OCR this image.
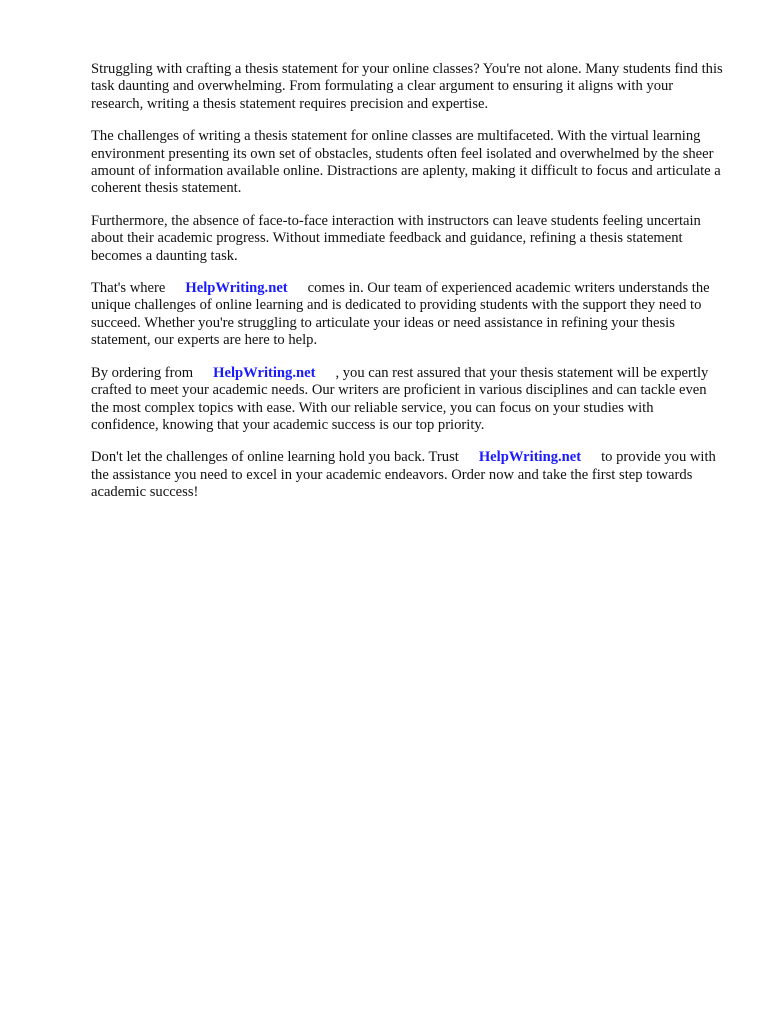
Struggling with crafting a thesis statement for your online classes? You're not alone. Many students find this task daunting and overwhelming. From formulating a clear argument to ensuring it aligns with your research, writing a thesis statement requires precision and expertise.

The challenges of writing a thesis statement for online classes are multifaceted. With the virtual learning environment presenting its own set of obstacles, students often feel isolated and overwhelmed by the sheer amount of information available online. Distractions are aplenty, making it difficult to focus and articulate a coherent thesis statement.

Furthermore, the absence of face-to-face interaction with instructors can leave students feeling uncertain about their academic progress. Without immediate feedback and guidance, refining a thesis statement becomes a daunting task.

That's where HelpWriting.net comes in. Our team of experienced academic writers understands the unique challenges of online learning and is dedicated to providing students with the support they need to succeed. Whether you're struggling to articulate your ideas or need assistance in refining your thesis statement, our experts are here to help.

By ordering from HelpWriting.net , you can rest assured that your thesis statement will be expertly crafted to meet your academic needs. Our writers are proficient in various disciplines and can tackle even the most complex topics with ease. With our reliable service, you can focus on your studies with confidence, knowing that your academic success is our top priority.

Don't let the challenges of online learning hold you back. Trust HelpWriting.net to provide you with the assistance you need to excel in your academic endeavors. Order now and take the first step towards academic success!
